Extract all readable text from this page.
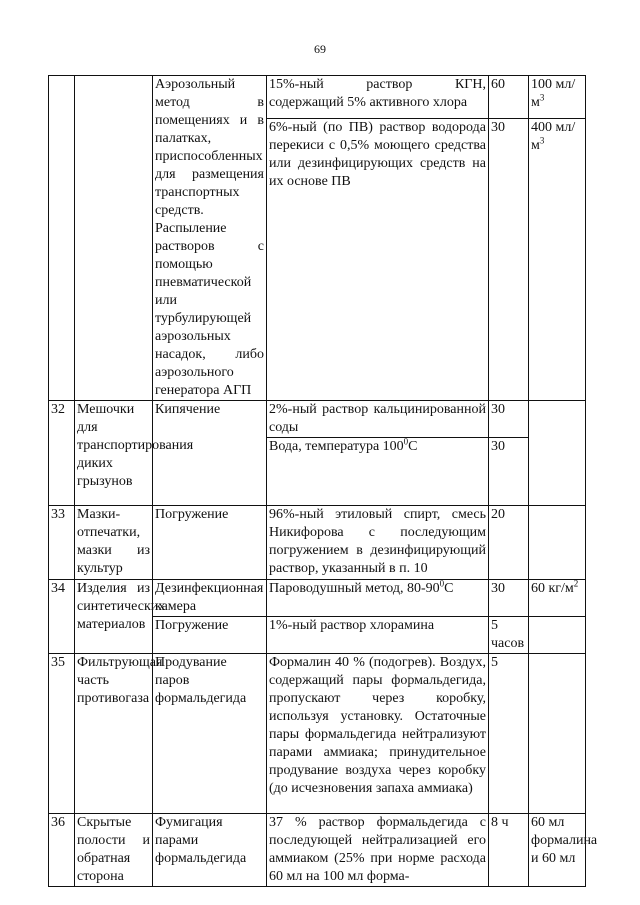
69
		Аэрозольный метод в помещениях и в палатках, приспособленных для размещения транспортных средств. Распыление растворов с помощью пневматической или турбулирующей аэрозольных насадок, либо аэрозольного генератора АГП	15%-ный раствор КГН, содержащий 5% активного хлора	60	100 $мл/м^3$
			6%-ный (по ПВ) раствор водорода перекиси с 0,5% моющего средства или дезинфицирующих средств на их основе ПВ	30	400 $мл/м^3$
32	Мешочки для транспортирования диких грызунов	Кипячение	2%-ный раствор кальцинированной соды	30	
			Вода, температура $100^0С$	30	
33	Мазки-отпечатки, мазки из культур	Погружение	96%-ный этиловый спирт, смесь Никифорова с последующим погружением в дезинфицирующий раствор, указанный в п. 10	20	
34	Изделия из синтетических материалов	Дезинфекционная камера	Пароводушный метод, $80-90^0С$	30	60 $кг/м^2$
		Погружение	1%-ный раствор хлорамина	5 часов	
35	Фильтрующая часть противогаза	Продувание паров формальдегида	Формалин 40 % (подогрев). Воздух, содержащий пары формальдегида, пропускают через коробку, используя установку. Остаточные пары формальдегида нейтрализуют парами аммиака; принудительное продувание воздуха через коробку (до исчезновения запаха аммиака)	5	
36	Скрытые полости и обратная сторона	Фумигация парами формальдегида	37 % раствор формальдегида с последующей нейтрализацией его аммиаком (25% при норме расхода 60 мл на 100 мл форма-	8 ч	60 мл формалина и 60 мл
